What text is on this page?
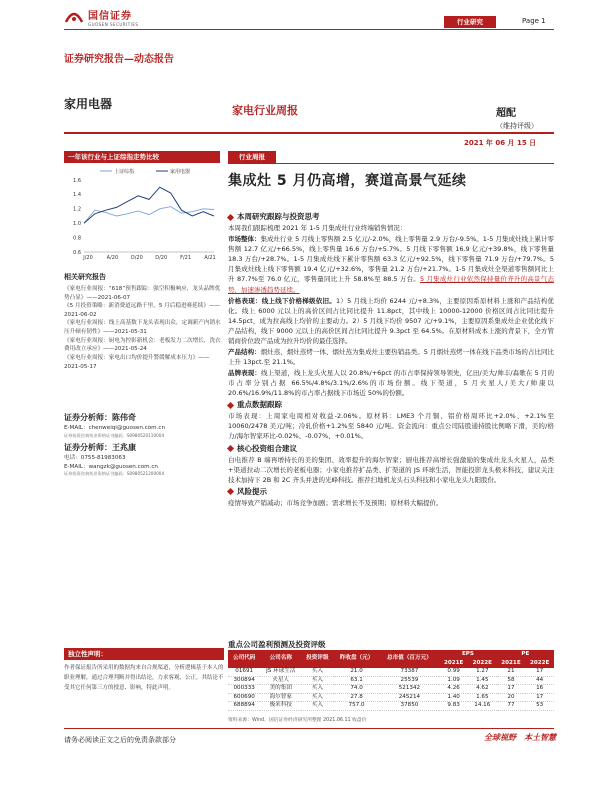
国信证券
GUOSEN SECURITIES	行业研究	Page 1
证券研究报告—动态报告
家用电器	家电行业周报	超配
（维持评级）
2021 年 06 月 15 日
一年该行业与上证综指走势比较
上证综指	家用电器
0.6
0.8
1.0
1.2
1.4
1.6
J/20	A/20	O/20 D/20	F/21	A/21
相关研究报告
《家电行业周报：“618”预售跟踪：强空积极响应，龙头品牌优势凸显》——2021-06-07
《5 月投资策略：新消费道远路千里，5 月后稳进赛延续》——2021-06-02
《家电行业周报：线上高基数下龙头表现出众，定调新产内销水压升顿有韧性》——2021-05-31
《家电行业周报：厨电为控影新机会：老板发力二次增长，洗衣费用改立承应》——2021-05-24
《家电行业周报：家电出口均价提升警缓解成本压力》——2021-05-17
证券分析师：陈伟奇
E-MAIL：chenweiqi@guosen.com.cn
证券投资咨询执业资格证书编码：S0980520110004
证券分析师：王兆康
电话：0755-81983063
E-MAIL：wangzk@guosen.com.cn
证券投资咨询执业资格证书编码：S0980521200004
独立性声明：
作者保证报告所采用的数据均来自合规渠道，分析逻辑基于本人的职业理解，通过合理判断并得出结论，力求客观、公正，其结论不受其它任何第三方的授意、影响，特此声明。
行业周报
集成灶 5 月仍高增，赛道高景气延续
本周研究跟踪与投资思考
本周我们跟踪梳理 2021 年 1-5 月集成灶行业终端销售情况：
市场整体：集成灶行业 5 月线上零售额 2.5 亿元/-2.0%，线上零售量 2.9 万台/-9.5%。1-5 月集成灶线上累计零售额 12.7 亿元/+66.5%，线上零售量 16.6 万台/+5.7%。5 月线下零售额 16.9 亿元/+39.8%，线下零售量 18.3 万台/+28.7%。1-5 月集成灶线下累计零售额 63.3 亿元/+92.5%，线下零售量 71.9 万台/+79.7%。5 月集成灶线上线下零售额 19.4 亿元/+32.6%，零售量 21.2 万台/+21.7%。1-5 月集成灶全渠道零售额同比上升 87.7%至 76.0 亿元，零售量同比上升 58.8%至 88.5 万台。5 月集成灶行业依然保持量价齐升的高景气态势，加速渗透趋势延续。
价格表现：线上线下价格梯级依旧。1）5 月线上均价 6244 元/+8.3%，主要原因系原材料上涨和产品结构优化。线上 6000 元以上的高价区间占比同比提升 11.8pct，其中线上 10000-12000 价格区间占比同比提升 14.5pct，成为拉高线上均价的主要动力。2）5 月线下均价 9507 元/+9.1%，主要原因系集成灶企业优化线下产品结构，线下 9000 元以上的高价区间占比同比提升 9.3pct 至 64.5%。在原材料成本上涨的背景下，全方管销商价位段产品成为拉升均价的最佳选择。
产品结构：烟灶蒸、烟灶蒸烤一体、烟灶蒸为集成灶主要热销品类。5 月烟灶蒸烤一体在线下品类市场的占比同比上升 13pct.至 21.1%。
品牌表现：线上渠道，线上龙头火星人以 20.8%/+6pct 的市占率保持领导领先，亿田/美大/帅丰/森歌在 5 月的市占率分别占据 66.5%/4.8%/3.1%/2.6%的市场份额。线下渠道，5 月火星人/美大/帅康以 20.6%/16.9%/11.8%的市占率占据线下市场近 50%的份额。
重点数据跟踪
市场表现：上周家电周相对收益-2.06%。原材料：LME3 个月铜、铝价格周环比+2.0%、+2.1%至 10060/2478 美元/吨；冷轧价格+1.2%至 5840 元/吨。资金流向：重点公司陆股通持股比例略下滑，美的/格力/海尔智家环比-0.02%、-0.07%、+0.01%。
核心投资组合建议
白电推荐 B 端再增持长的美的集团、效率提升的海尔智家；厨电推荐高增长强激励的集成灶龙头火星人，品类+渠道拉动二次增长的老板电器；小家电推荐扩品类、扩渠道的 JS 环球生活，智能投影龙头极米科技，建议关注技术加持下 2B 和 2C 齐头并进的光峰科技。推荐扫地机龙头石头科技和小家电龙头九阳股份。
风险提示
疫情导致产销减动；市场竞争加剧；需求增长不及预期；原材料大幅提价。
重点公司盈利预测及投资评级
公司代码	公司名称	投资评级	昨收盘（元）	总市值（百万元）	EPS		PE	
					2021E	2022E	2021E	2022E
01691	JS 环球生活	买入	21.0	73387	0.99	1.27	21	17
300894	火星人	买入	63.1	25539	1.09	1.45	58	44
000333	美的集团	买入	74.0	521342	4.26	4.62	17	16
600690	海尔智家	买入	27.8	245214	1.40	1.65	20	17
688894	极米科技	买入	757.0	37850	9.83	14.16	77	53
资料来源：Wind、国信证券经济研究所整理 2021.06.11 收盘价
请务必阅读正文之后的免责条款部分	全球视野　本土智慧
